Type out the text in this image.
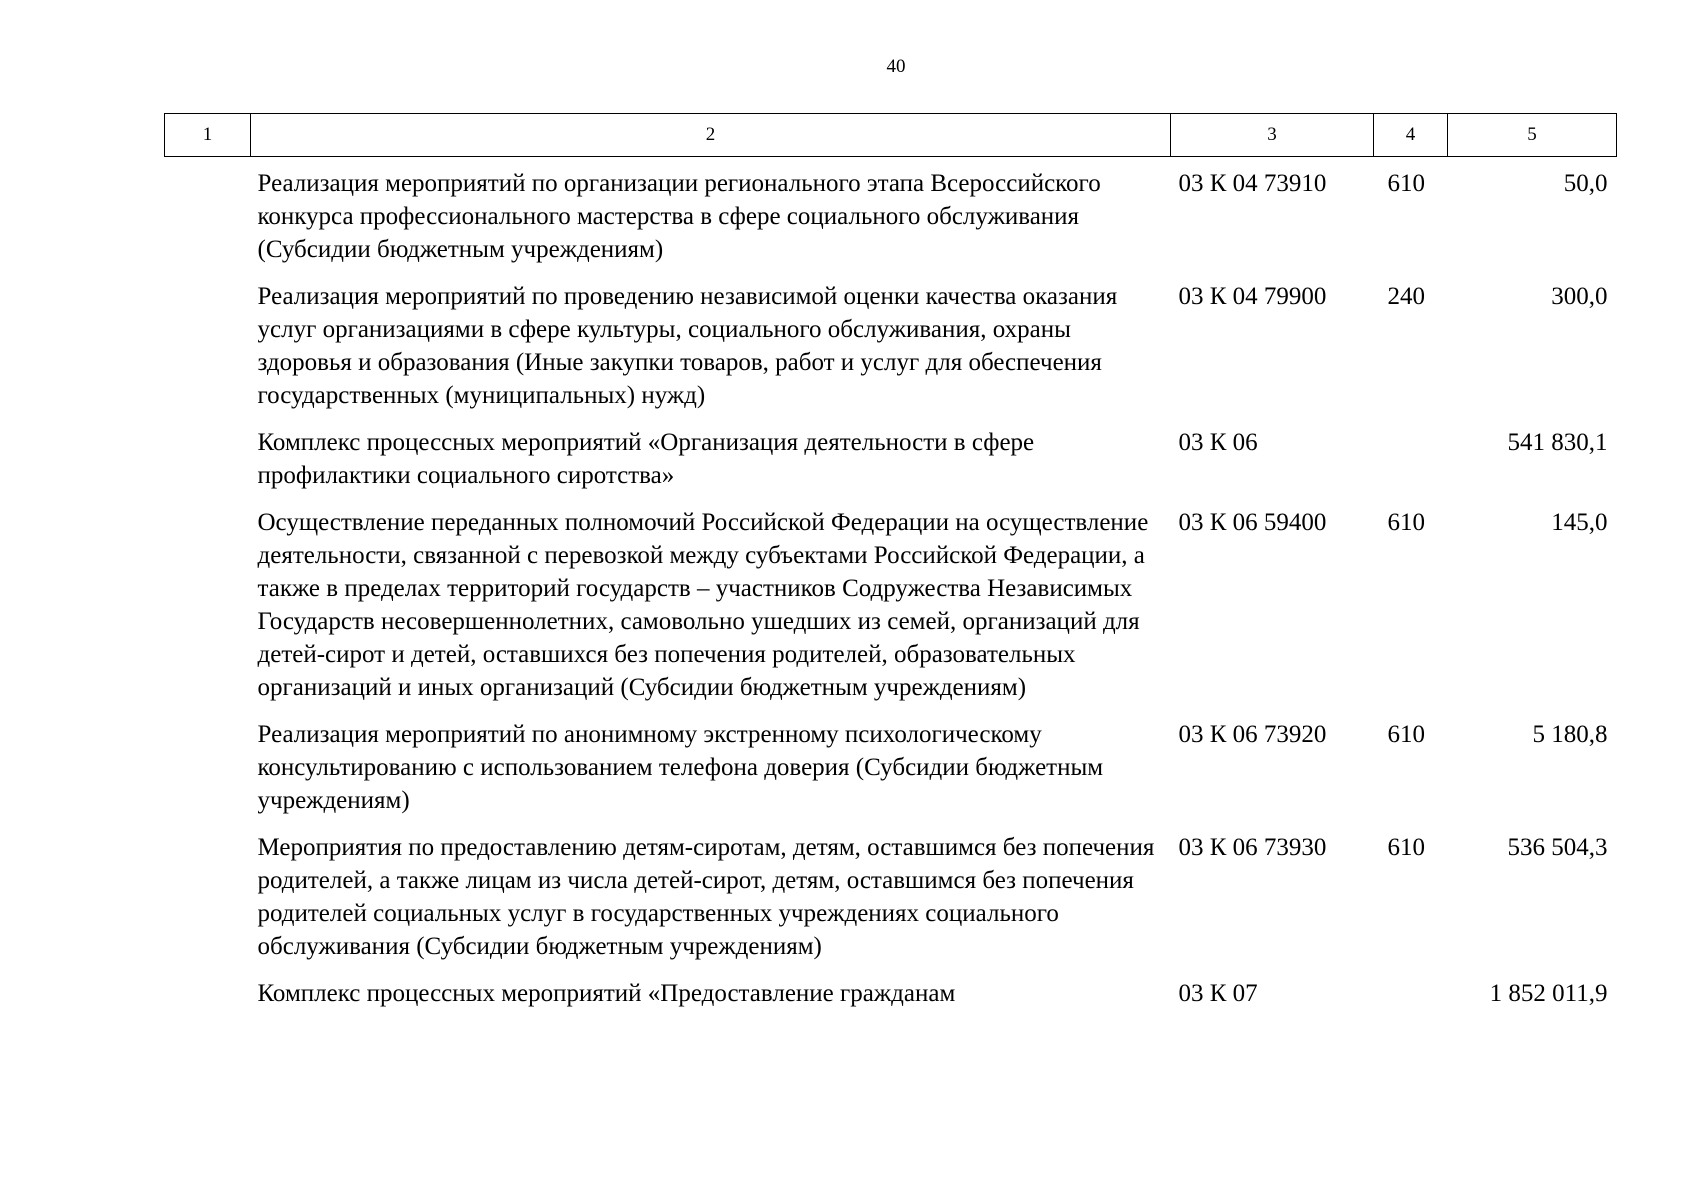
40
1	2	3	4	5
	Реализация мероприятий по организации регионального этапа Всероссийского конкурса профессионального мастерства в сфере социального обслуживания (Субсидии бюджетным учреждениям)	03 К 04 73910	610	50,0
	Реализация мероприятий по проведению независимой оценки качества оказания услуг организациями в сфере культуры, социального обслуживания, охраны здоровья и образования (Иные закупки товаров, работ и услуг для обеспечения государственных (муниципальных) нужд)	03 К 04 79900	240	300,0
	Комплекс процессных мероприятий «Организация деятельности в сфере профилактики социального сиротства»	03 К 06		541 830,1
	Осуществление переданных полномочий Российской Федерации на осуществление деятельности, связанной с перевозкой между субъектами Российской Федерации, а также в пределах территорий государств – участников Содружества Независимых Государств несовершеннолетних, самовольно ушедших из семей, организаций для детей-сирот и детей, оставшихся без попечения родителей, образовательных организаций и иных организаций (Субсидии бюджетным учреждениям)	03 К 06 59400	610	145,0
	Реализация мероприятий по анонимному экстренному психологическому консультированию с использованием телефона доверия (Субсидии бюджетным учреждениям)	03 К 06 73920	610	5 180,8
	Мероприятия по предоставлению детям-сиротам, детям, оставшимся без попечения родителей, а также лицам из числа детей-сирот, детям, оставшимся без попечения родителей социальных услуг в государственных учреждениях социального обслуживания (Субсидии бюджетным учреждениям)	03 К 06 73930	610	536 504,3
	Комплекс процессных мероприятий «Предоставление гражданам	03 К 07		1 852 011,9
